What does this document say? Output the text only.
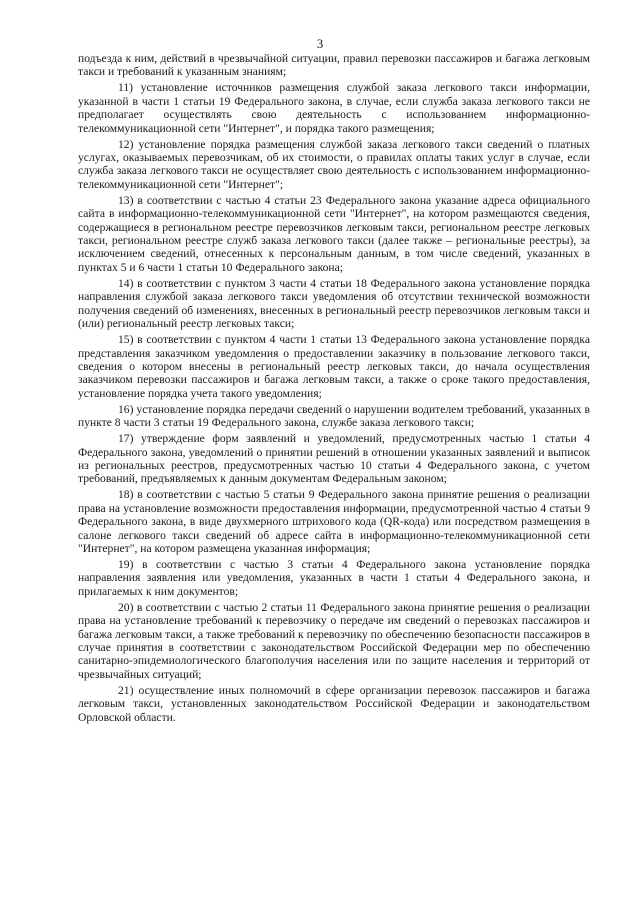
3

подъезда к ним, действий в чрезвычайной ситуации, правил перевозки пассажиров и багажа легковым такси и требований к указанным знаниям;

11) установление источников размещения службой заказа легкового такси информации, указанной в части 1 статьи 19 Федерального закона, в случае, если служба заказа легкового такси не предполагает осуществлять свою деятельность с использованием информационно-телекоммуникационной сети "Интернет", и порядка такого размещения;

12) установление порядка размещения службой заказа легкового такси сведений о платных услугах, оказываемых перевозчикам, об их стоимости, о правилах оплаты таких услуг в случае, если служба заказа легкового такси не осуществляет свою деятельность с использованием информационно-телекоммуникационной сети "Интернет";

13) в соответствии с частью 4 статьи 23 Федерального закона указание адреса официального сайта в информационно-телекоммуникационной сети "Интернет", на котором размещаются сведения, содержащиеся в региональном реестре перевозчиков легковым такси, региональном реестре легковых такси, региональном реестре служб заказа легкового такси (далее также – региональные реестры), за исключением сведений, отнесенных к персональным данным, в том числе сведений, указанных в пунктах 5 и 6 части 1 статьи 10 Федерального закона;

14) в соответствии с пунктом 3 части 4 статьи 18 Федерального закона установление порядка направления службой заказа легкового такси уведомления об отсутствии технической возможности получения сведений об изменениях, внесенных в региональный реестр перевозчиков легковым такси и (или) региональный реестр легковых такси;

15) в соответствии с пунктом 4 части 1 статьи 13 Федерального закона установление порядка представления заказчиком уведомления о предоставлении заказчику в пользование легкового такси, сведения о котором внесены в региональный реестр легковых такси, до начала осуществления заказчиком перевозки пассажиров и багажа легковым такси, а также о сроке такого предоставления, установление порядка учета такого уведомления;

16) установление порядка передачи сведений о нарушении водителем требований, указанных в пункте 8 части 3 статьи 19 Федерального закона, службе заказа легкового такси;

17) утверждение форм заявлений и уведомлений, предусмотренных частью 1 статьи 4 Федерального закона, уведомлений о принятии решений в отношении указанных заявлений и выписок из региональных реестров, предусмотренных частью 10 статьи 4 Федерального закона, с учетом требований, предъявляемых к данным документам Федеральным законом;

18) в соответствии с частью 5 статьи 9 Федерального закона принятие решения о реализации права на установление возможности предоставления информации, предусмотренной частью 4 статьи 9 Федерального закона, в виде двухмерного штрихового кода (QR-кода) или посредством размещения в салоне легкового такси сведений об адресе сайта в информационно-телекоммуникационной сети "Интернет", на котором размещена указанная информация;

19) в соответствии с частью 3 статьи 4 Федерального закона установление порядка направления заявления или уведомления, указанных в части 1 статьи 4 Федерального закона, и прилагаемых к ним документов;

20) в соответствии с частью 2 статьи 11 Федерального закона принятие решения о реализации права на установление требований к перевозчику о передаче им сведений о перевозках пассажиров и багажа легковым такси, а также требований к перевозчику по обеспечению безопасности пассажиров в случае принятия в соответствии с законодательством Российской Федерации мер по обеспечению санитарно-эпидемиологического благополучия населения или по защите населения и территорий от чрезвычайных ситуаций;

21) осуществление иных полномочий в сфере организации перевозок пассажиров и багажа легковым такси, установленных законодательством Российской Федерации и законодательством Орловской области.
